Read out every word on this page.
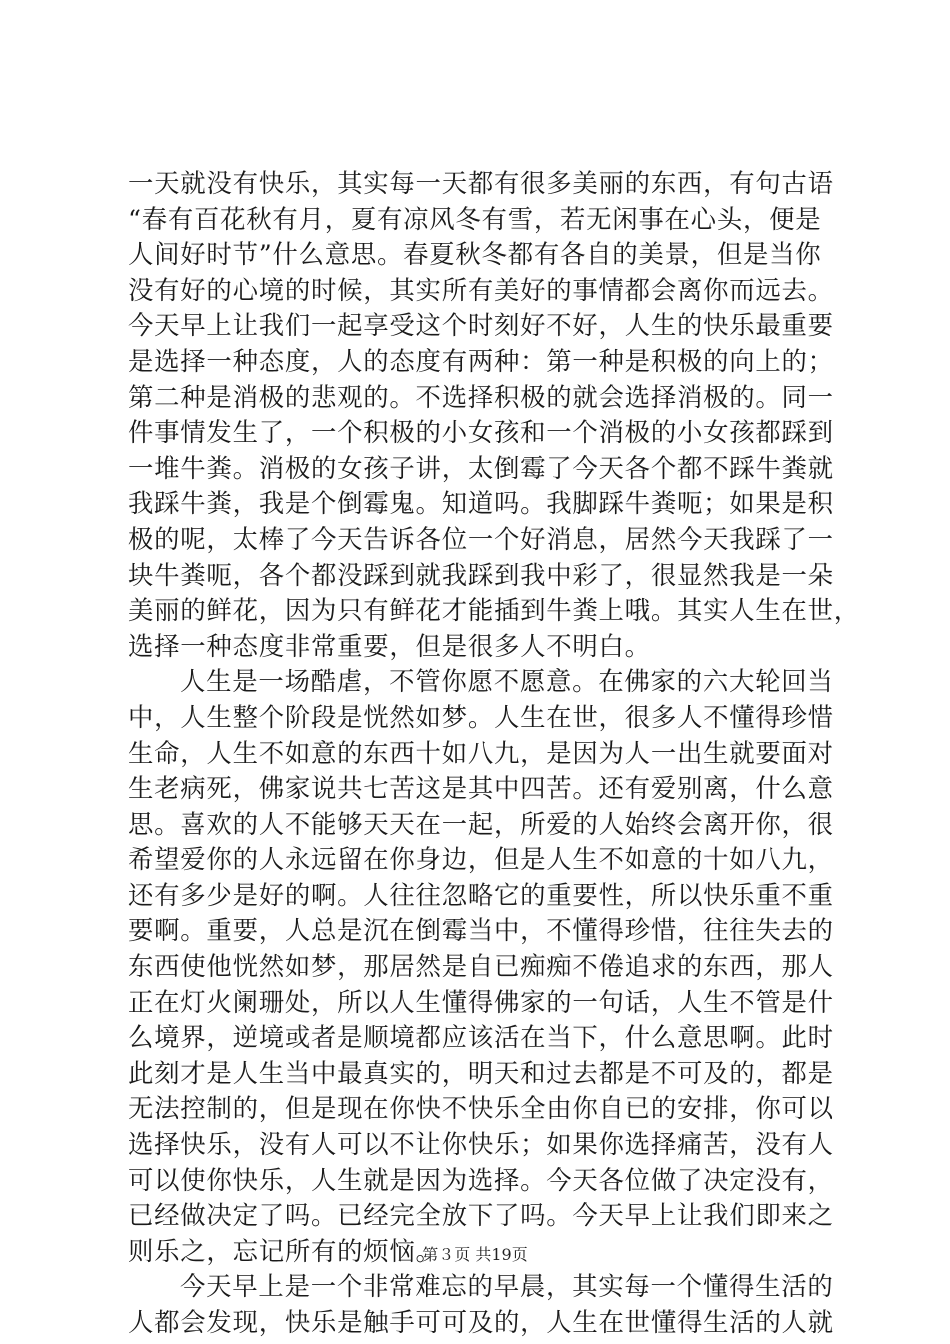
一天就没有快乐，其实每一天都有很多美丽的东西，有句古语
“春有百花秋有月，夏有凉风冬有雪，若无闲事在心头，便是
人间好时节”什么意思。春夏秋冬都有各自的美景，但是当你
没有好的心境的时候，其实所有美好的事情都会离你而远去。
今天早上让我们一起享受这个时刻好不好，人生的快乐最重要
是选择一种态度，人的态度有两种：第一种是积极的向上的；
第二种是消极的悲观的。不选择积极的就会选择消极的。同一
件事情发生了，一个积极的小女孩和一个消极的小女孩都踩到
一堆牛粪。消极的女孩子讲，太倒霉了今天各个都不踩牛粪就
我踩牛粪，我是个倒霉鬼。知道吗。我脚踩牛粪呃；如果是积
极的呢，太棒了今天告诉各位一个好消息，居然今天我踩了一
块牛粪呃，各个都没踩到就我踩到我中彩了，很显然我是一朵
美丽的鲜花，因为只有鲜花才能插到牛粪上哦。其实人生在世，
选择一种态度非常重要，但是很多人不明白。
人生是一场酷虐，不管你愿不愿意。在佛家的六大轮回当
中，人生整个阶段是恍然如梦。人生在世，很多人不懂得珍惜
生命，人生不如意的东西十如八九，是因为人一出生就要面对
生老病死，佛家说共七苦这是其中四苦。还有爱别离，什么意
思。喜欢的人不能够天天在一起，所爱的人始终会离开你，很
希望爱你的人永远留在你身边，但是人生不如意的十如八九，
还有多少是好的啊。人往往忽略它的重要性，所以快乐重不重
要啊。重要，人总是沉在倒霉当中，不懂得珍惜，往往失去的
东西使他恍然如梦，那居然是自已痴痴不倦追求的东西，那人
正在灯火阑珊处，所以人生懂得佛家的一句话，人生不管是什
么境界，逆境或者是顺境都应该活在当下，什么意思啊。此时
此刻才是人生当中最真实的，明天和过去都是不可及的，都是
无法控制的，但是现在你快不快乐全由你自已的安排，你可以
选择快乐，没有人可以不让你快乐；如果你选择痛苦，没有人
可以使你快乐，人生就是因为选择。今天各位做了决定没有，
已经做决定了吗。已经完全放下了吗。今天早上让我们即来之
则乐之，忘记所有的烦恼。
今天早上是一个非常难忘的早晨，其实每一个懂得生活的
人都会发现，快乐是触手可可及的，人生在世懂得生活的人就
第３页 共19页
